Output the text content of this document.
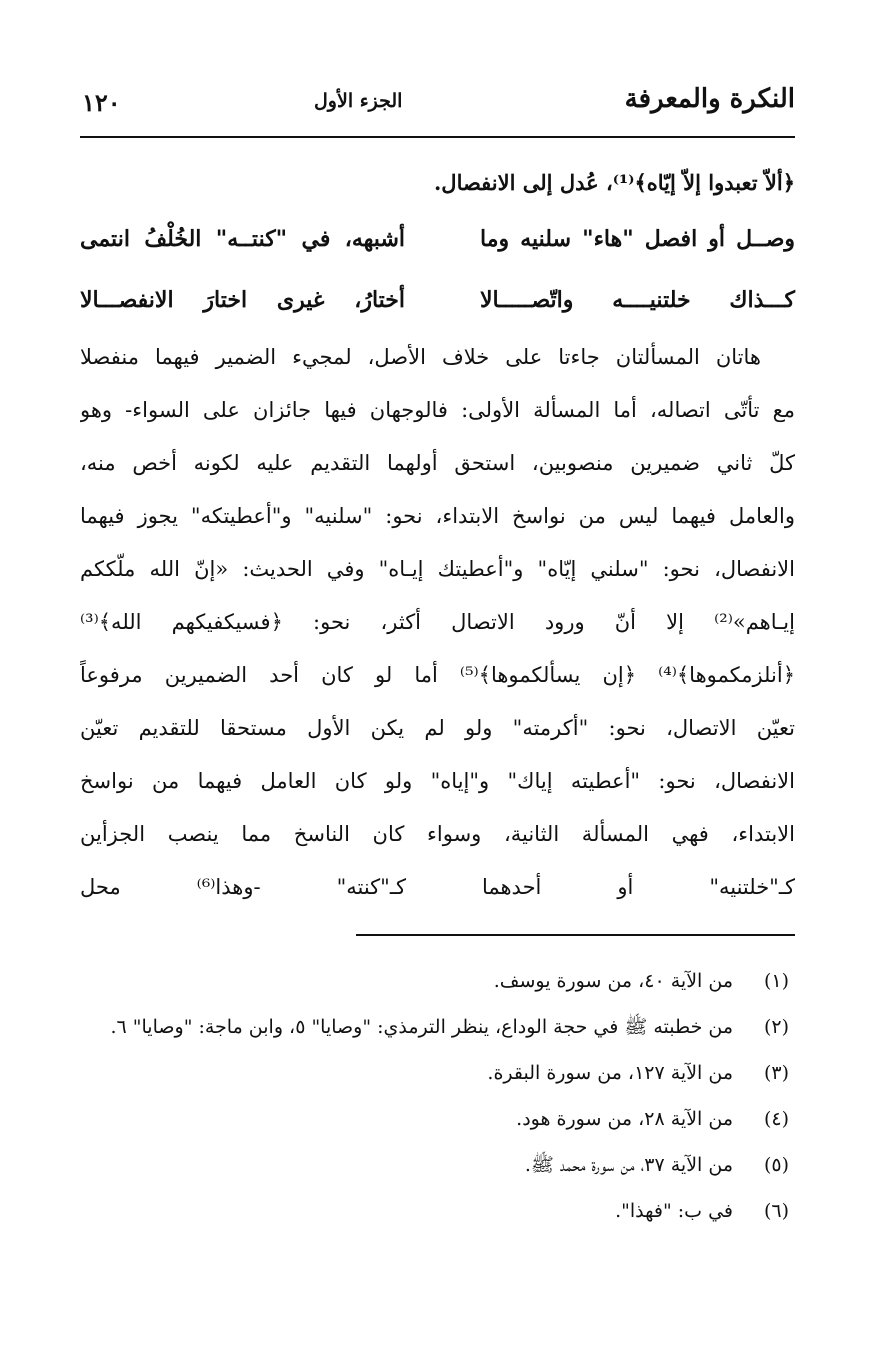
النكرة والمعرفة
الجزء الأول
١٢٠
﴿ألاّ تعبدوا إلاّ إيّاه﴾⁽¹⁾، عُدل إلى الانفصال.
وصــل أو افصل "هاء" سلنيه وما
أشبهه، في "كنتــه" الخُلْفُ انتمى
كـــذاك خلتنيــــه واتّصـــــالا
أختارُ، غيرى اختارَ الانفصـــالا
هاتان المسألتان جاءتا على خلاف الأصل، لمجيء الضمير فيهما منفصلا
مع تأتّى اتصاله، أما المسألة الأولى: فالوجهان فيها جائزان على السواء- وهو
كلّ ثاني ضميرين منصوبين، استحق أولهما التقديم عليه لكونه أخص منه،
والعامل فيهما ليس من نواسخ الابتداء، نحو: "سلنيه" و"أعطيتكه" يجوز فيهما
الانفصال، نحو: "سلني إيّاه" و"أعطيتك إيـاه" وفي الحديث: «إنّ الله ملّككم
إيـاهم»⁽²⁾ إلا أنّ ورود الاتصال أكثر، نحو: ﴿فسيكفيكهم الله﴾⁽³⁾
﴿أنلزمكموها﴾⁽⁴⁾ ﴿إن يسألكموها﴾⁽⁵⁾ أما لو كان أحد الضميرين مرفوعاً
تعيّن الاتصال، نحو: "أكرمته" ولو لم يكن الأول مستحقا للتقديم تعيّن
الانفصال، نحو: "أعطيته إياك" و"إياه" ولو كان العامل فيهما من نواسخ
الابتداء، فهي المسألة الثانية، وسواء كان الناسخ مما ينصب الجزأين
كـ"خلتنيه" أو أحدهما كـ"كنته" -وهذا⁽⁶⁾ محل
(١)
من الآية ٤٠، من سورة يوسف.
(٢)
من خطبته ﷺ في حجة الوداع، ينظر الترمذي: "وصايا" ٥، وابن ماجة: "وصايا" ٦.
(٣)
من الآية ١٢٧، من سورة البقرة.
(٤)
من الآية ٢٨، من سورة هود.
(٥)
من الآية ٣٧، من سورة محمد ﷺ.
(٦)
في ب: "فهذا".
